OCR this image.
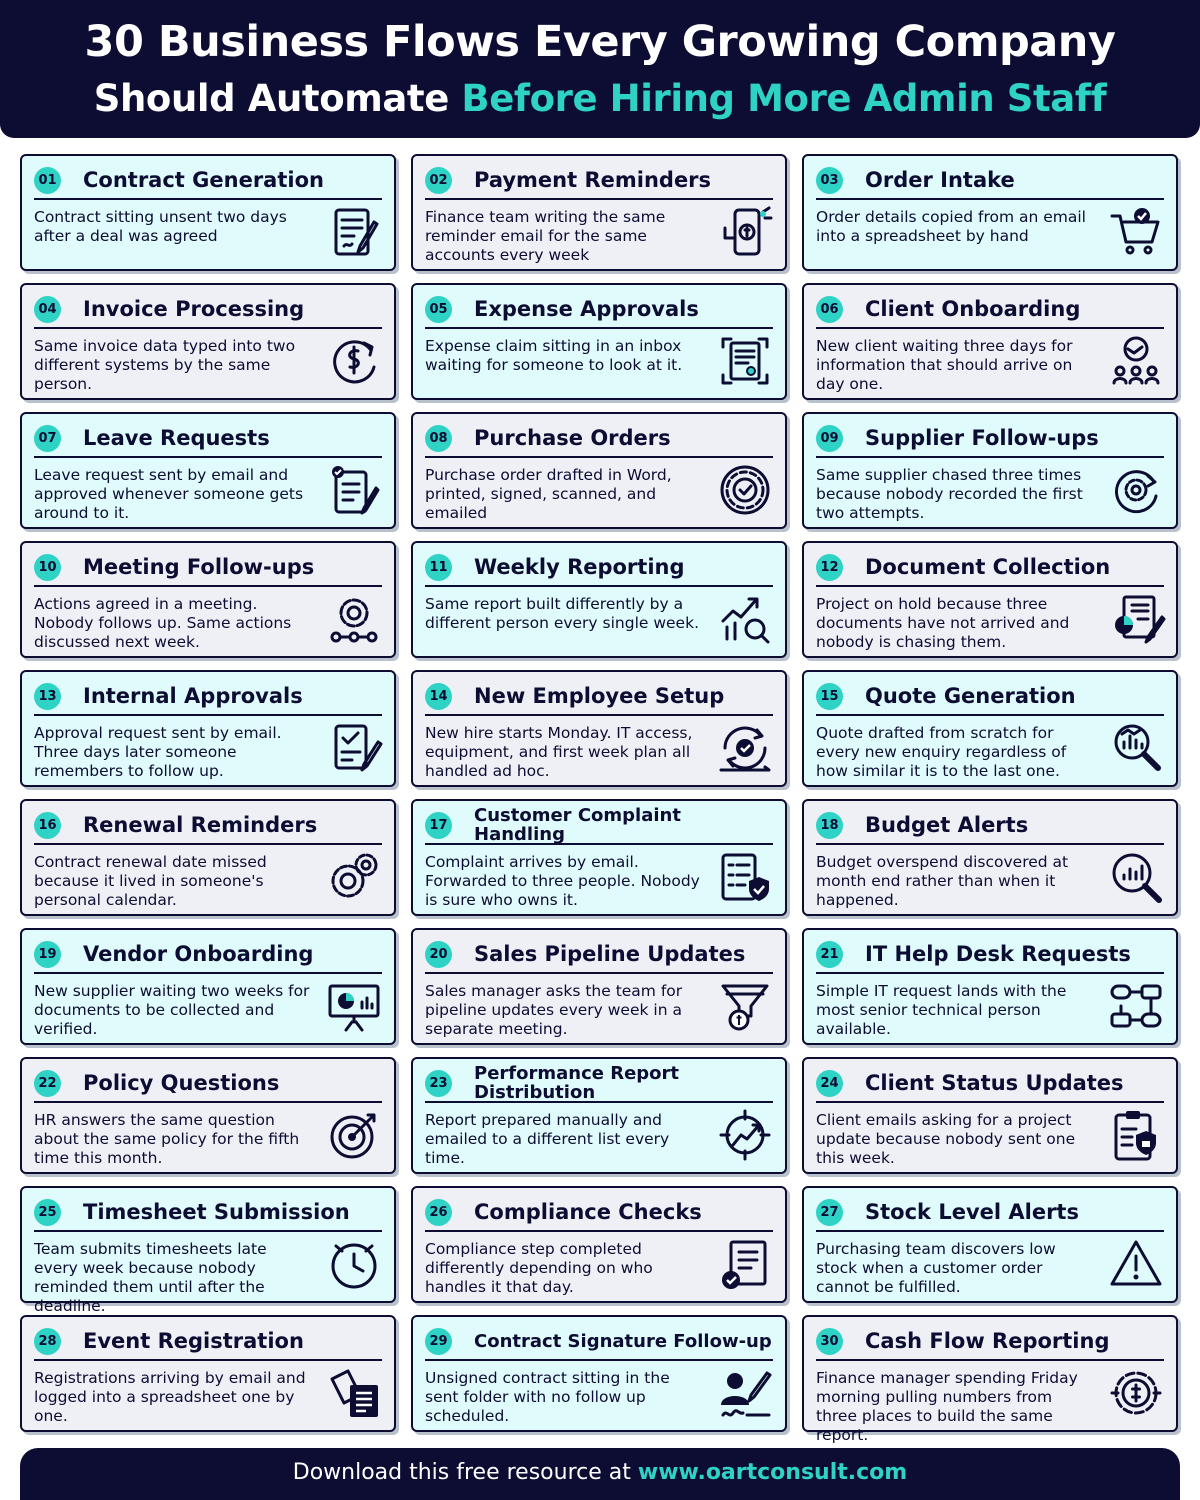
30 Business Flows Every Growing Company
Should Automate Before Hiring More Admin Staff
01 Contract Generation
Contract sitting unsent two days after a deal was agreed
02 Payment Reminders
Finance team writing the same reminder email for the same accounts every week
03 Order Intake
Order details copied from an email into a spreadsheet by hand
04 Invoice Processing
Same invoice data typed into two different systems by the same person.
05 Expense Approvals
Expense claim sitting in an inbox waiting for someone to look at it.
06 Client Onboarding
New client waiting three days for information that should arrive on day one.
07 Leave Requests
Leave request sent by email and approved whenever someone gets around to it.
08 Purchase Orders
Purchase order drafted in Word, printed, signed, scanned, and emailed
09 Supplier Follow-ups
Same supplier chased three times because nobody recorded the first two attempts.
10 Meeting Follow-ups
Actions agreed in a meeting. Nobody follows up. Same actions discussed next week.
11 Weekly Reporting
Same report built differently by a different person every single week.
12 Document Collection
Project on hold because three documents have not arrived and nobody is chasing them.
13 Internal Approvals
Approval request sent by email. Three days later someone remembers to follow up.
14 New Employee Setup
New hire starts Monday. IT access, equipment, and first week plan all handled ad hoc.
15 Quote Generation
Quote drafted from scratch for every new enquiry regardless of how similar it is to the last one.
16 Renewal Reminders
Contract renewal date missed because it lived in someone's personal calendar.
17 Customer Complaint Handling
Complaint arrives by email. Forwarded to three people. Nobody is sure who owns it.
18 Budget Alerts
Budget overspend discovered at month end rather than when it happened.
19 Vendor Onboarding
New supplier waiting two weeks for documents to be collected and verified.
20 Sales Pipeline Updates
Sales manager asks the team for pipeline updates every week in a separate meeting.
21 IT Help Desk Requests
Simple IT request lands with the most senior technical person available.
22 Policy Questions
HR answers the same question about the same policy for the fifth time this month.
23 Performance Report Distribution
Report prepared manually and emailed to a different list every time.
24 Client Status Updates
Client emails asking for a project update because nobody sent one this week.
25 Timesheet Submission
Team submits timesheets late every week because nobody reminded them until after the deadline.
26 Compliance Checks
Compliance step completed differently depending on who handles it that day.
27 Stock Level Alerts
Purchasing team discovers low stock when a customer order cannot be fulfilled.
28 Event Registration
Registrations arriving by email and logged into a spreadsheet one by one.
29 Contract Signature Follow-up
Unsigned contract sitting in the sent folder with no follow up scheduled.
30 Cash Flow Reporting
Finance manager spending Friday morning pulling numbers from three places to build the same report.
Download this free resource at www.oartconsult.com
